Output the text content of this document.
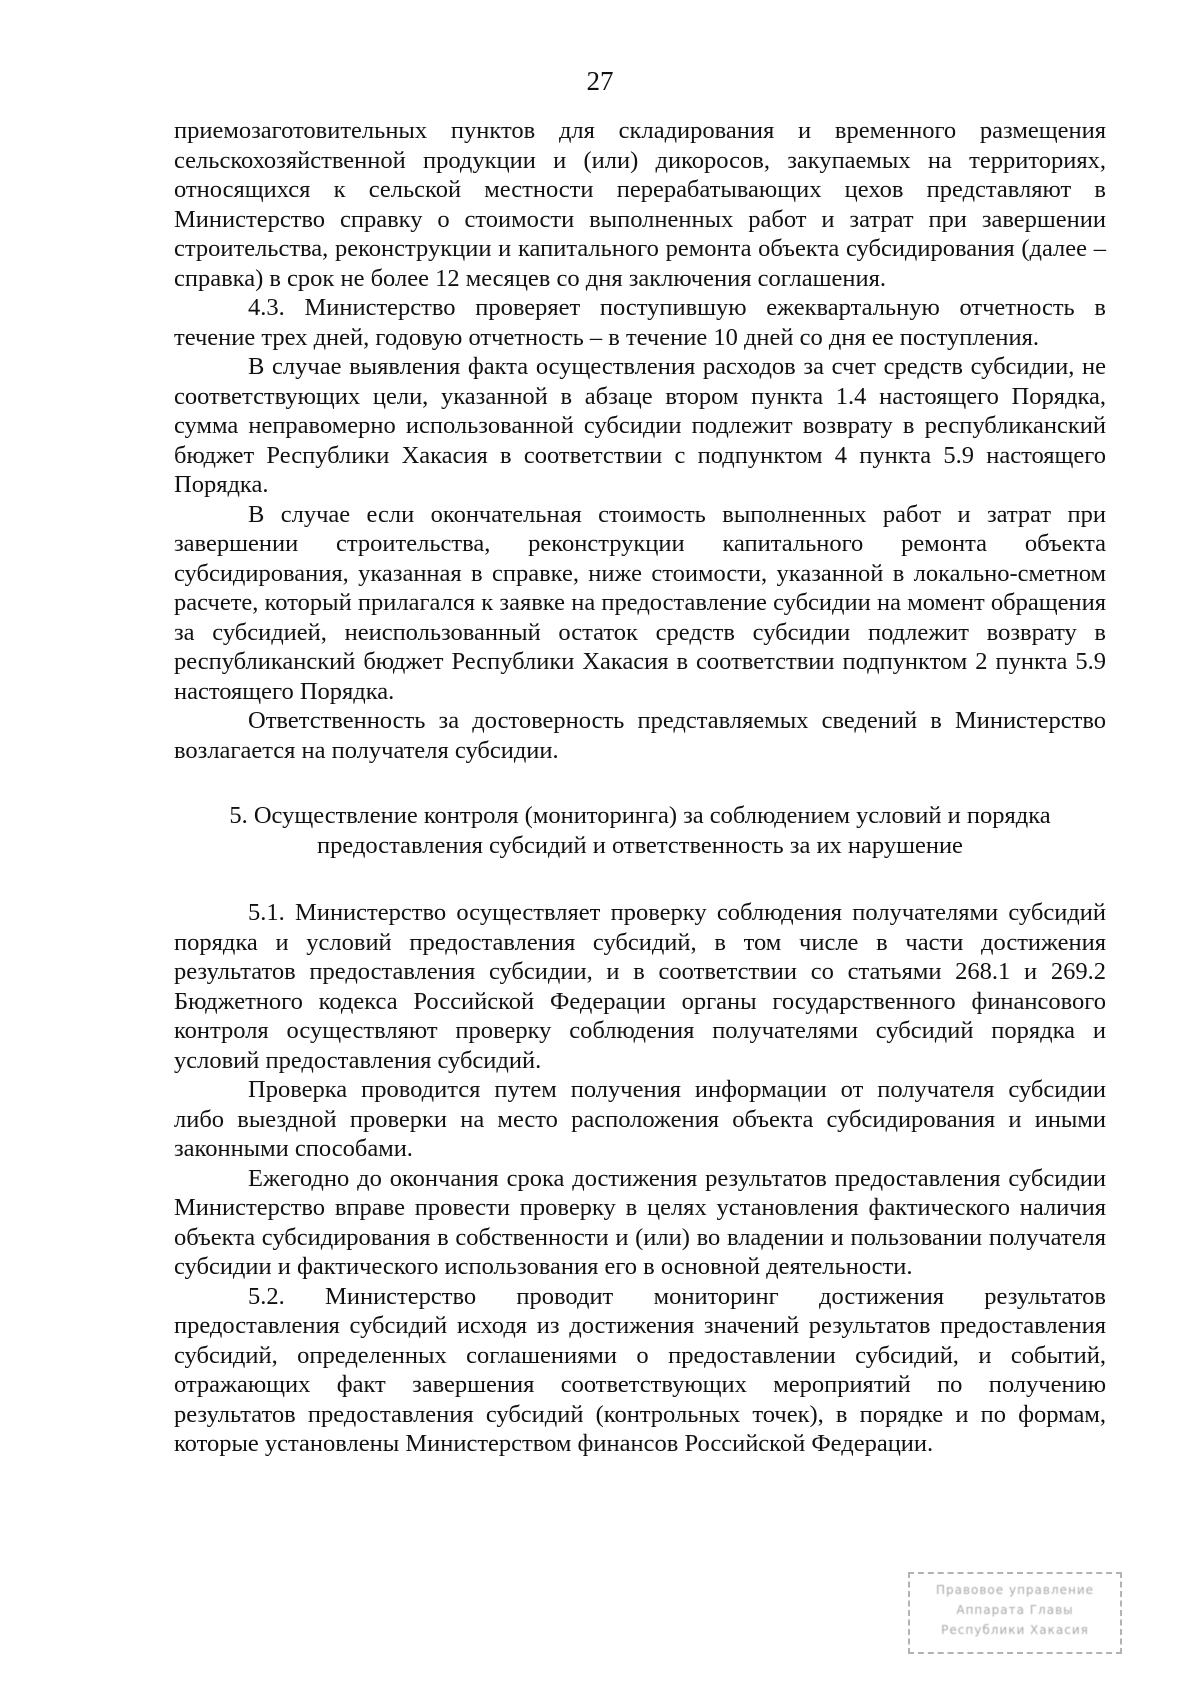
27

приемозаготовительных пунктов для складирования и временного размещения сельскохозяйственной продукции и (или) дикоросов, закупаемых на территориях, относящихся к сельской местности перерабатывающих цехов представляют в Министерство справку о стоимости выполненных работ и затрат при завершении строительства, реконструкции и капитального ремонта объекта субсидирования (далее – справка) в срок не более 12 месяцев со дня заключения соглашения.

4.3. Министерство проверяет поступившую ежеквартальную отчетность в течение трех дней, годовую отчетность – в течение 10 дней со дня ее поступления.

В случае выявления факта осуществления расходов за счет средств субсидии, не соответствующих цели, указанной в абзаце втором пункта 1.4 настоящего Порядка, сумма неправомерно использованной субсидии подлежит возврату в республиканский бюджет Республики Хакасия в соответствии с подпунктом 4 пункта 5.9 настоящего Порядка.

В случае если окончательная стоимость выполненных работ и затрат при завершении строительства, реконструкции капитального ремонта объекта субсидирования, указанная в справке, ниже стоимости, указанной в локально-сметном расчете, который прилагался к заявке на предоставление субсидии на момент обращения за субсидией, неиспользованный остаток средств субсидии подлежит возврату в республиканский бюджет Республики Хакасия в соответствии подпунктом 2 пункта 5.9 настоящего Порядка.

Ответственность за достоверность представляемых сведений в Министерство возлагается на получателя субсидии.

5. Осуществление контроля (мониторинга) за соблюдением условий и порядка
предоставления субсидий и ответственность за их нарушение

5.1. Министерство осуществляет проверку соблюдения получателями субсидий порядка и условий предоставления субсидий, в том числе в части достижения результатов предоставления субсидии, и в соответствии со статьями 268.1 и 269.2 Бюджетного кодекса Российской Федерации органы государственного финансового контроля осуществляют проверку соблюдения получателями субсидий порядка и условий предоставления субсидий.

Проверка проводится путем получения информации от получателя субсидии либо выездной проверки на место расположения объекта субсидирования и иными законными способами.

Ежегодно до окончания срока достижения результатов предоставления субсидии Министерство вправе провести проверку в целях установления фактического наличия объекта субсидирования в собственности и (или) во владении и пользовании получателя субсидии и фактического использования его в основной деятельности.

5.2. Министерство проводит мониторинг достижения результатов предоставления субсидий исходя из достижения значений результатов предоставления субсидий, определенных соглашениями о предоставлении субсидий, и событий, отражающих факт завершения соответствующих мероприятий по получению результатов предоставления субсидий (контрольных точек), в порядке и по формам, которые установлены Министерством финансов Российской Федерации.

Правовое управление
Аппарата Главы
Республики Хакасия
